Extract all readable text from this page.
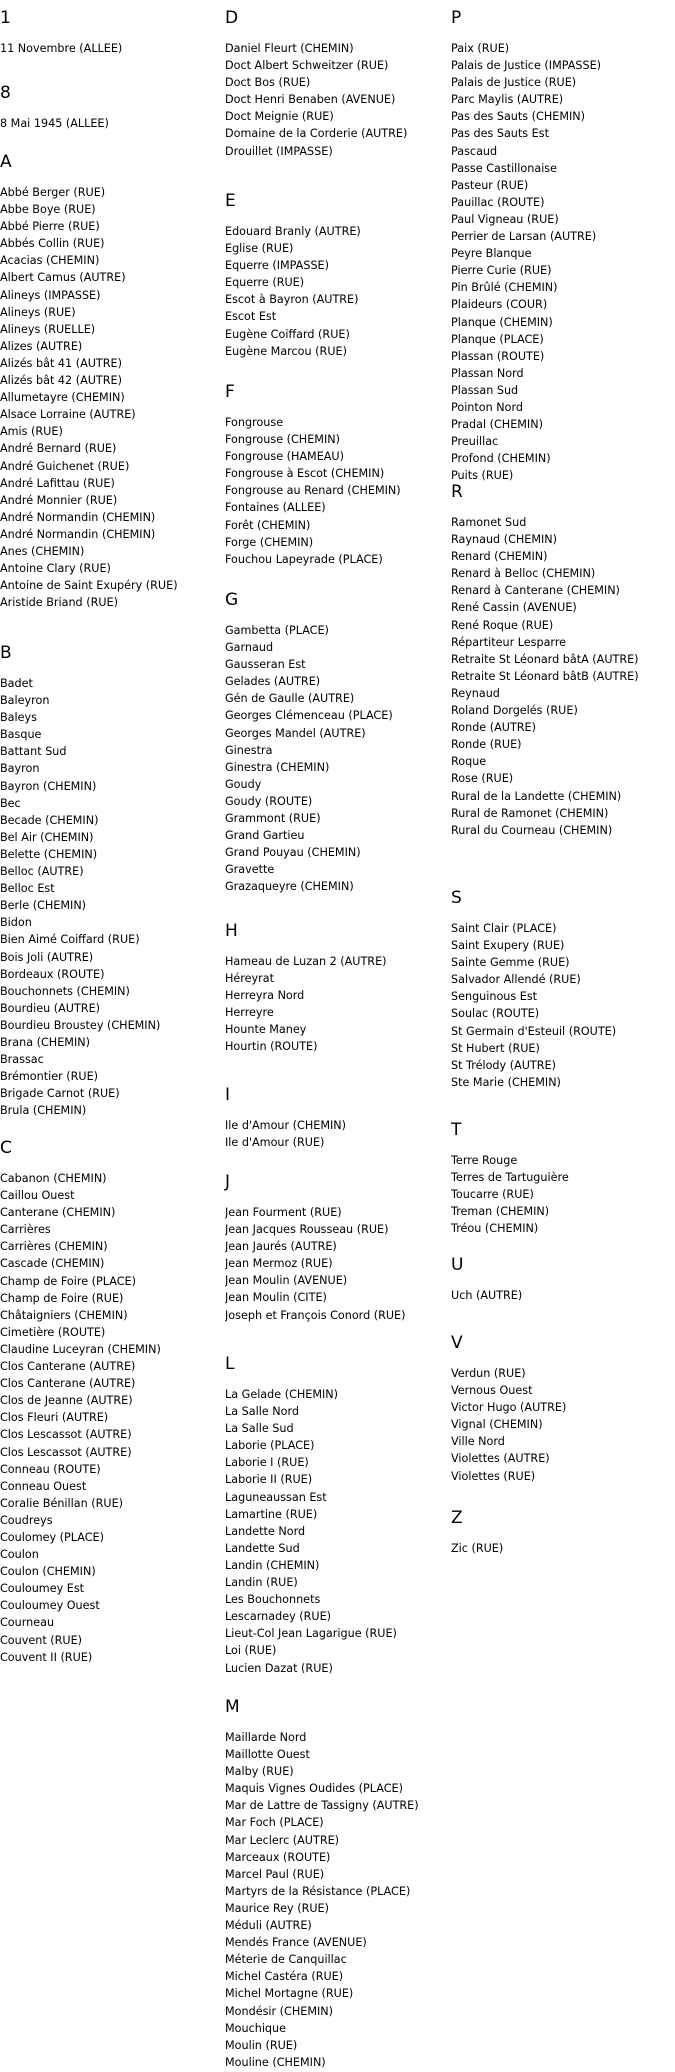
1
11 Novembre (ALLEE)
8
8 Mai 1945 (ALLEE)
A
Abbé Berger (RUE)
Abbe Boye (RUE)
Abbé Pierre (RUE)
Abbés Collin (RUE)
Acacias (CHEMIN)
Albert Camus (AUTRE)
Alineys (IMPASSE)
Alineys (RUE)
Alineys (RUELLE)
Alizes (AUTRE)
Alizés bât 41 (AUTRE)
Alizés bât 42 (AUTRE)
Allumetayre (CHEMIN)
Alsace Lorraine (AUTRE)
Amis (RUE)
André Bernard (RUE)
André Guichenet (RUE)
André Lafittau (RUE)
André Monnier (RUE)
André Normandin (CHEMIN)
André Normandin (CHEMIN)
Anes (CHEMIN)
Antoine Clary (RUE)
Antoine de Saint Exupéry (RUE)
Aristide Briand (RUE)
B
Badet
Baleyron
Baleys
Basque
Battant Sud
Bayron
Bayron (CHEMIN)
Bec
Becade (CHEMIN)
Bel Air (CHEMIN)
Belette (CHEMIN)
Belloc (AUTRE)
Belloc Est
Berle (CHEMIN)
Bidon
Bien Aimé Coiffard (RUE)
Bois Joli (AUTRE)
Bordeaux (ROUTE)
Bouchonnets (CHEMIN)
Bourdieu (AUTRE)
Bourdieu Broustey (CHEMIN)
Brana (CHEMIN)
Brassac
Brémontier (RUE)
Brigade Carnot (RUE)
Brula (CHEMIN)
C
Cabanon (CHEMIN)
Caillou Ouest
Canterane (CHEMIN)
Carrières
Carrières (CHEMIN)
Cascade (CHEMIN)
Champ de Foire (PLACE)
Champ de Foire (RUE)
Châtaigniers (CHEMIN)
Cimetière (ROUTE)
Claudine Luceyran (CHEMIN)
Clos Canterane (AUTRE)
Clos Canterane (AUTRE)
Clos de Jeanne (AUTRE)
Clos Fleuri (AUTRE)
Clos Lescassot (AUTRE)
Clos Lescassot (AUTRE)
Conneau (ROUTE)
Conneau Ouest
Coralie Bénillan (RUE)
Coudreys
Coulomey (PLACE)
Coulon
Coulon (CHEMIN)
Couloumey Est
Couloumey Ouest
Courneau
Couvent (RUE)
Couvent II (RUE)
D
Daniel Fleurt (CHEMIN)
Doct Albert Schweitzer (RUE)
Doct Bos (RUE)
Doct Henri Benaben (AVENUE)
Doct Meignie (RUE)
Domaine de la Corderie (AUTRE)
Drouillet (IMPASSE)
E
Edouard Branly (AUTRE)
Eglise (RUE)
Equerre (IMPASSE)
Equerre (RUE)
Escot à Bayron (AUTRE)
Escot Est
Eugène Coiffard (RUE)
Eugène Marcou (RUE)
F
Fongrouse
Fongrouse (CHEMIN)
Fongrouse (HAMEAU)
Fongrouse à Escot (CHEMIN)
Fongrouse au Renard (CHEMIN)
Fontaines (ALLEE)
Forêt (CHEMIN)
Forge (CHEMIN)
Fouchou Lapeyrade (PLACE)
G
Gambetta (PLACE)
Garnaud
Gausseran Est
Gelades (AUTRE)
Gén de Gaulle (AUTRE)
Georges Clémenceau (PLACE)
Georges Mandel (AUTRE)
Ginestra
Ginestra (CHEMIN)
Goudy
Goudy (ROUTE)
Grammont (RUE)
Grand Gartieu
Grand Pouyau (CHEMIN)
Gravette
Grazaqueyre (CHEMIN)
H
Hameau de Luzan 2 (AUTRE)
Héreyrat
Herreyra Nord
Herreyre
Hounte Maney
Hourtin (ROUTE)
I
Ile d'Amour (CHEMIN)
Ile d'Amour (RUE)
J
Jean Fourment (RUE)
Jean Jacques Rousseau (RUE)
Jean Jaurés (AUTRE)
Jean Mermoz (RUE)
Jean Moulin (AVENUE)
Jean Moulin (CITE)
Joseph et François Conord (RUE)
L
La Gelade (CHEMIN)
La Salle Nord
La Salle Sud
Laborie (PLACE)
Laborie I (RUE)
Laborie II (RUE)
Laguneaussan Est
Lamartine (RUE)
Landette Nord
Landette Sud
Landin (CHEMIN)
Landin (RUE)
Les Bouchonnets
Lescarnadey (RUE)
Lieut-Col Jean Lagarigue (RUE)
Loi (RUE)
Lucien Dazat (RUE)
M
Maillarde Nord
Maillotte Ouest
Malby (RUE)
Maquis Vignes Oudides (PLACE)
Mar de Lattre de Tassigny (AUTRE)
Mar Foch (PLACE)
Mar Leclerc (AUTRE)
Marceaux (ROUTE)
Marcel Paul (RUE)
Martyrs de la Résistance (PLACE)
Maurice Rey (RUE)
Méduli (AUTRE)
Mendés France (AVENUE)
Méterie de Canquillac
Michel Castéra (RUE)
Michel Mortagne (RUE)
Mondésir (CHEMIN)
Mouchique
Moulin (RUE)
Mouline (CHEMIN)
P
Paix (RUE)
Palais de Justice (IMPASSE)
Palais de Justice (RUE)
Parc Maylis (AUTRE)
Pas des Sauts (CHEMIN)
Pas des Sauts Est
Pascaud
Passe Castillonaise
Pasteur (RUE)
Pauillac (ROUTE)
Paul Vigneau (RUE)
Perrier de Larsan (AUTRE)
Peyre Blanque
Pierre Curie (RUE)
Pin Brûlé (CHEMIN)
Plaideurs (COUR)
Planque (CHEMIN)
Planque (PLACE)
Plassan (ROUTE)
Plassan Nord
Plassan Sud
Pointon Nord
Pradal (CHEMIN)
Preuillac
Profond (CHEMIN)
Puits (RUE)
R
Ramonet Sud
Raynaud (CHEMIN)
Renard (CHEMIN)
Renard à Belloc (CHEMIN)
Renard à Canterane (CHEMIN)
René Cassin (AVENUE)
René Roque (RUE)
Répartiteur Lesparre
Retraite St Léonard bâtA (AUTRE)
Retraite St Léonard bâtB (AUTRE)
Reynaud
Roland Dorgelés (RUE)
Ronde (AUTRE)
Ronde (RUE)
Roque
Rose (RUE)
Rural de la Landette (CHEMIN)
Rural de Ramonet (CHEMIN)
Rural du Courneau (CHEMIN)
S
Saint Clair (PLACE)
Saint Exupery (RUE)
Sainte Gemme (RUE)
Salvador Allendé (RUE)
Senguinous Est
Soulac (ROUTE)
St Germain d'Esteuil (ROUTE)
St Hubert (RUE)
St Trélody (AUTRE)
Ste Marie (CHEMIN)
T
Terre Rouge
Terres de Tartuguière
Toucarre (RUE)
Treman (CHEMIN)
Tréou (CHEMIN)
U
Uch (AUTRE)
V
Verdun (RUE)
Vernous Ouest
Victor Hugo (AUTRE)
Vignal (CHEMIN)
Ville Nord
Violettes (AUTRE)
Violettes (RUE)
Z
Zic (RUE)
